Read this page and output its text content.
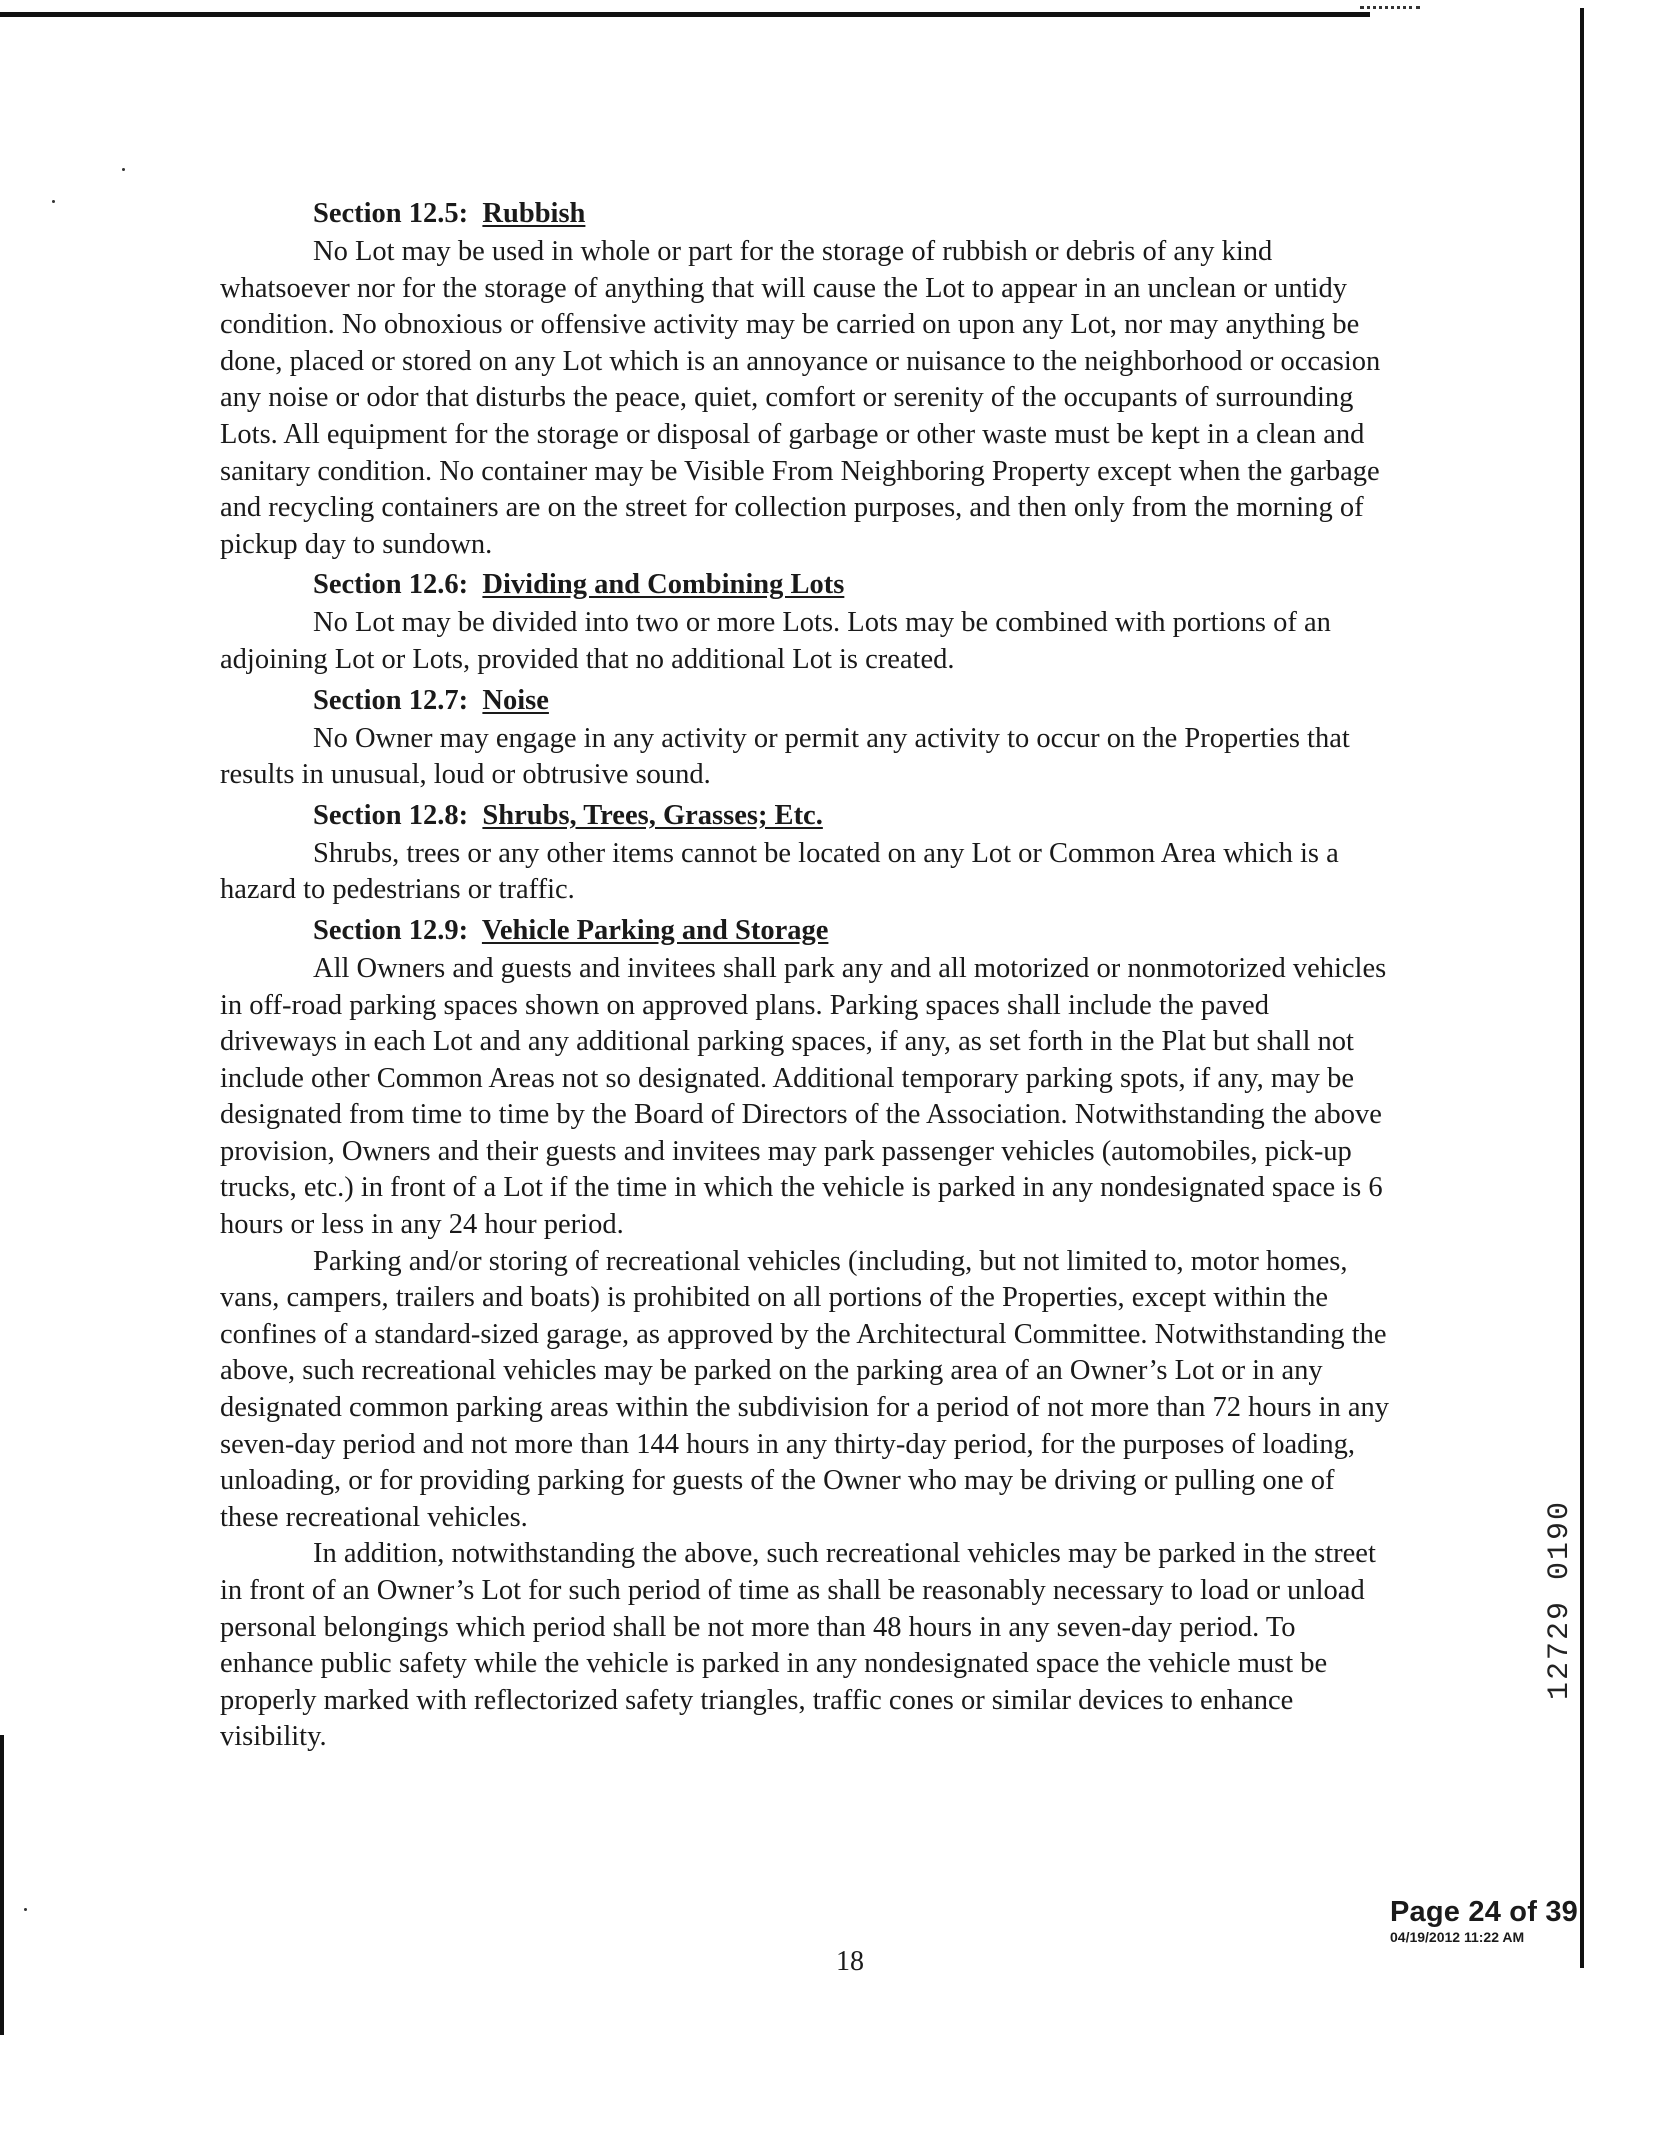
Section 12.5: Rubbish

No Lot may be used in whole or part for the storage of rubbish or debris of any kind whatsoever nor for the storage of anything that will cause the Lot to appear in an unclean or untidy condition. No obnoxious or offensive activity may be carried on upon any Lot, nor may anything be done, placed or stored on any Lot which is an annoyance or nuisance to the neighborhood or occasion any noise or odor that disturbs the peace, quiet, comfort or serenity of the occupants of surrounding Lots. All equipment for the storage or disposal of garbage or other waste must be kept in a clean and sanitary condition. No container may be Visible From Neighboring Property except when the garbage and recycling containers are on the street for collection purposes, and then only from the morning of pickup day to sundown.

Section 12.6: Dividing and Combining Lots

No Lot may be divided into two or more Lots. Lots may be combined with portions of an adjoining Lot or Lots, provided that no additional Lot is created.

Section 12.7: Noise

No Owner may engage in any activity or permit any activity to occur on the Properties that results in unusual, loud or obtrusive sound.

Section 12.8: Shrubs, Trees, Grasses; Etc.

Shrubs, trees or any other items cannot be located on any Lot or Common Area which is a hazard to pedestrians or traffic.

Section 12.9: Vehicle Parking and Storage

All Owners and guests and invitees shall park any and all motorized or nonmotorized vehicles in off-road parking spaces shown on approved plans. Parking spaces shall include the paved driveways in each Lot and any additional parking spaces, if any, as set forth in the Plat but shall not include other Common Areas not so designated. Additional temporary parking spots, if any, may be designated from time to time by the Board of Directors of the Association. Notwithstanding the above provision, Owners and their guests and invitees may park passenger vehicles (automobiles, pick-up trucks, etc.) in front of a Lot if the time in which the vehicle is parked in any nondesignated space is 6 hours or less in any 24 hour period.

Parking and/or storing of recreational vehicles (including, but not limited to, motor homes, vans, campers, trailers and boats) is prohibited on all portions of the Properties, except within the confines of a standard-sized garage, as approved by the Architectural Committee. Notwithstanding the above, such recreational vehicles may be parked on the parking area of an Owner’s Lot or in any designated common parking areas within the subdivision for a period of not more than 72 hours in any seven-day period and not more than 144 hours in any thirty-day period, for the purposes of loading, unloading, or for providing parking for guests of the Owner who may be driving or pulling one of these recreational vehicles.

In addition, notwithstanding the above, such recreational vehicles may be parked in the street in front of an Owner’s Lot for such period of time as shall be reasonably necessary to load or unload personal belongings which period shall be not more than 48 hours in any seven-day period. To enhance public safety while the vehicle is parked in any nondesignated space the vehicle must be properly marked with reflectorized safety triangles, traffic cones or similar devices to enhance visibility.

12729 0190
Page 24 of 39
04/19/2012 11:22 AM
18
